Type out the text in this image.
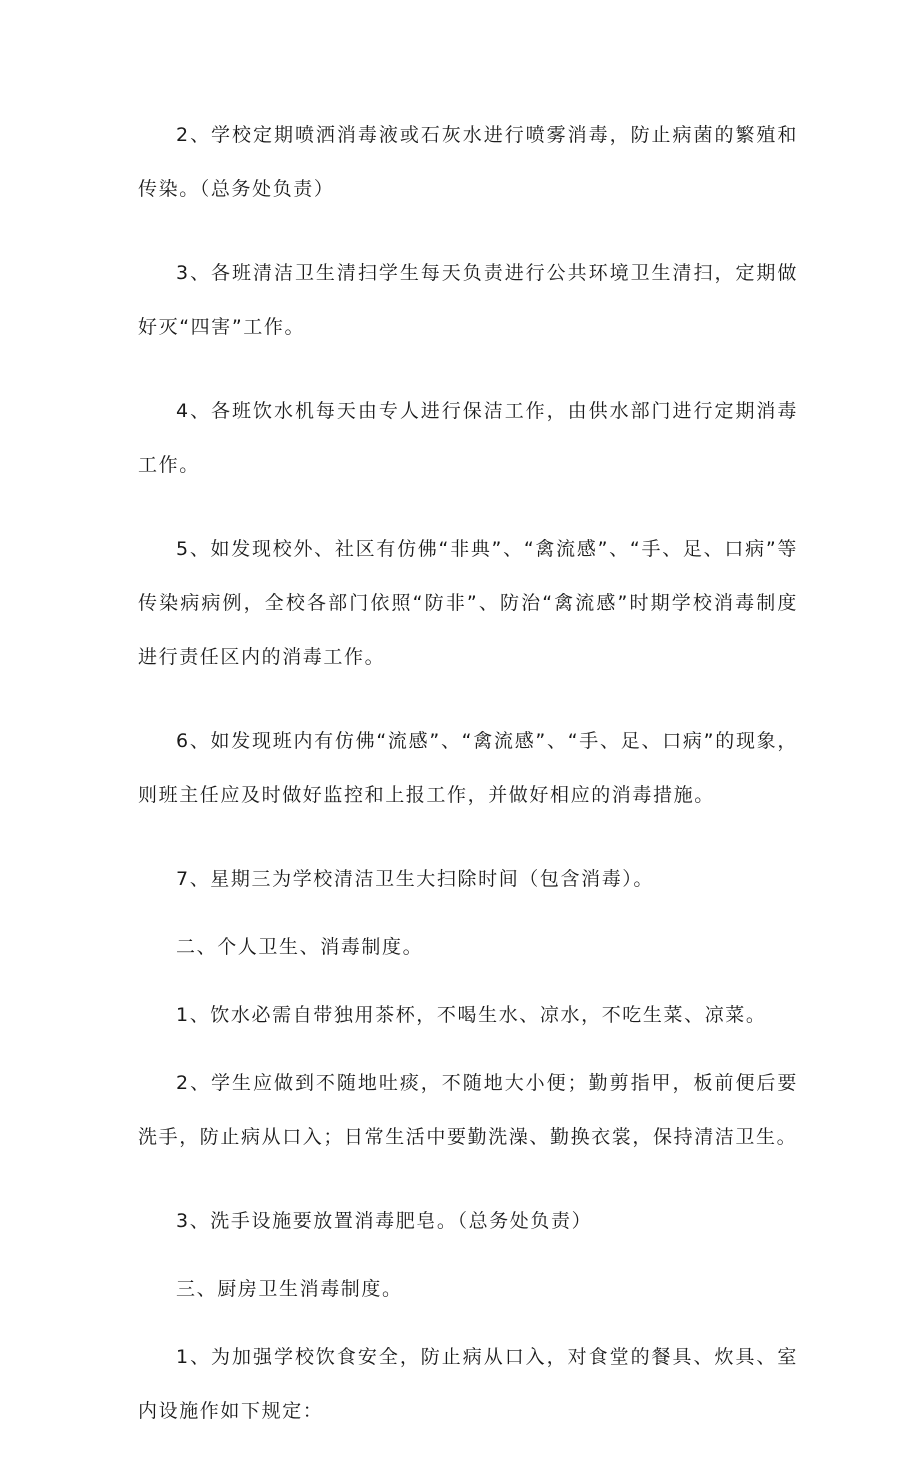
2、学校定期喷洒消毒液或石灰水进行喷雾消毒，防止病菌的繁殖和传染。（总务处负责）

3、各班清洁卫生清扫学生每天负责进行公共环境卫生清扫，定期做好灭“四害”工作。

4、各班饮水机每天由专人进行保洁工作，由供水部门进行定期消毒工作。

5、如发现校外、社区有仿佛“非典”、“禽流感”、“手、足、口病”等传染病病例，全校各部门依照“防非”、防治“禽流感”时期学校消毒制度进行责任区内的消毒工作。

6、如发现班内有仿佛“流感”、“禽流感”、“手、足、口病”的现象，则班主任应及时做好监控和上报工作，并做好相应的消毒措施。

7、星期三为学校清洁卫生大扫除时间（包含消毒）。

二、个人卫生、消毒制度。

1、饮水必需自带独用茶杯，不喝生水、凉水，不吃生菜、凉菜。

2、学生应做到不随地吐痰，不随地大小便；勤剪指甲，板前便后要洗手，防止病从口入；日常生活中要勤洗澡、勤换衣裳，保持清洁卫生。

3、洗手设施要放置消毒肥皂。（总务处负责）

三、厨房卫生消毒制度。

1、为加强学校饮食安全，防止病从口入，对食堂的餐具、炊具、室内设施作如下规定：
